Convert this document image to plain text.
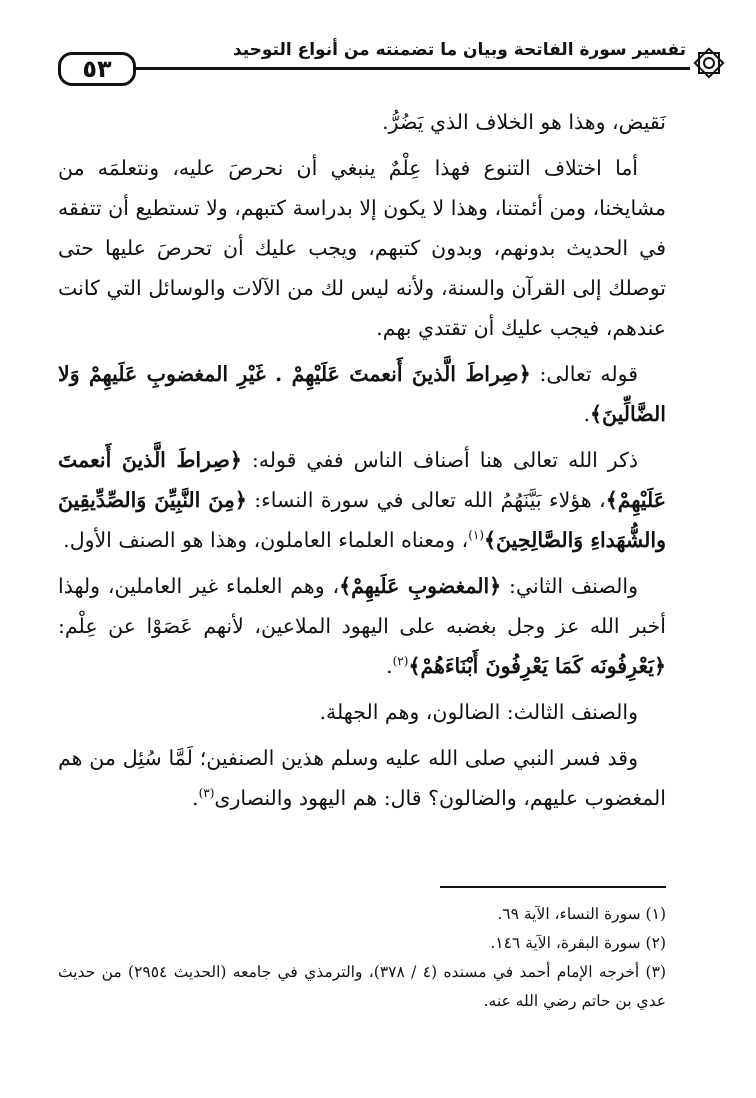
٥٣
تفسير سورة الفاتحة وبيان ما تضمنته من أنواع التوحيد

نَقيض، وهذا هو الخلاف الذي يَضُرُّ.

أما اختلاف التنوع فهذا عِلْمٌ ينبغي أن نحرصَ عليه، ونتعلمَه من مشايخنا، ومن أئمتنا، وهذا لا يكون إلا بدراسة كتبهم، ولا تستطيع أن تتفقه في الحديث بدونهم، وبدون كتبهم، ويجب عليك أن تحرصَ عليها حتى توصلك إلى القرآن والسنة، ولأنه ليس لك من الآلات والوسائل التي كانت عندهم، فيجب عليك أن تقتدي بهم.

قوله تعالى: ﴿صِراطَ الَّذينَ أَنعمتَ عَلَيْهِمْ . غَيْرِ المغضوبِ عَلَيهِمْ وَلا الضَّالِّينَ﴾.

ذكر الله تعالى هنا أصناف الناس ففي قوله: ﴿صِراطَ الَّذينَ أَنعمتَ عَلَيْهِمْ﴾، هؤلاء بَيَّنَهُمُ الله تعالى في سورة النساء: ﴿مِنَ النَّبِيِّنَ وَالصِّدِّيقِينَ والشُّهَداءِ وَالصَّالِحِينَ﴾$^{(١)}$، ومعناه العلماء العاملون، وهذا هو الصنف الأول.

والصنف الثاني: ﴿المغضوبِ عَلَيهِمْ﴾، وهم العلماء غير العاملين، ولهذا أخبر الله عز وجل بغضبه على اليهود الملاعين، لأنهم عَصَوْا عن عِلْم: ﴿يَعْرِفُونَه كَمَا يَعْرِفُونَ أَبْنَاءَهُمْ﴾$^{(٢)}$.

والصنف الثالث: الضالون، وهم الجهلة.

وقد فسر النبي صلى الله عليه وسلم هذين الصنفين؛ لَمَّا سُئِل من هم المغضوب عليهم، والضالون؟ قال: هم اليهود والنصارى$^{(٣)}$.

(١) سورة النساء، الآية ٦٩.
(٢) سورة البقرة، الآية ١٤٦.
(٣) أخرجه الإمام أحمد في مسنده (٤ / ٣٧٨)، والترمذي في جامعه (الحديث ٢٩٥٤) من حديث عدي بن حاتم رضي الله عنه.
